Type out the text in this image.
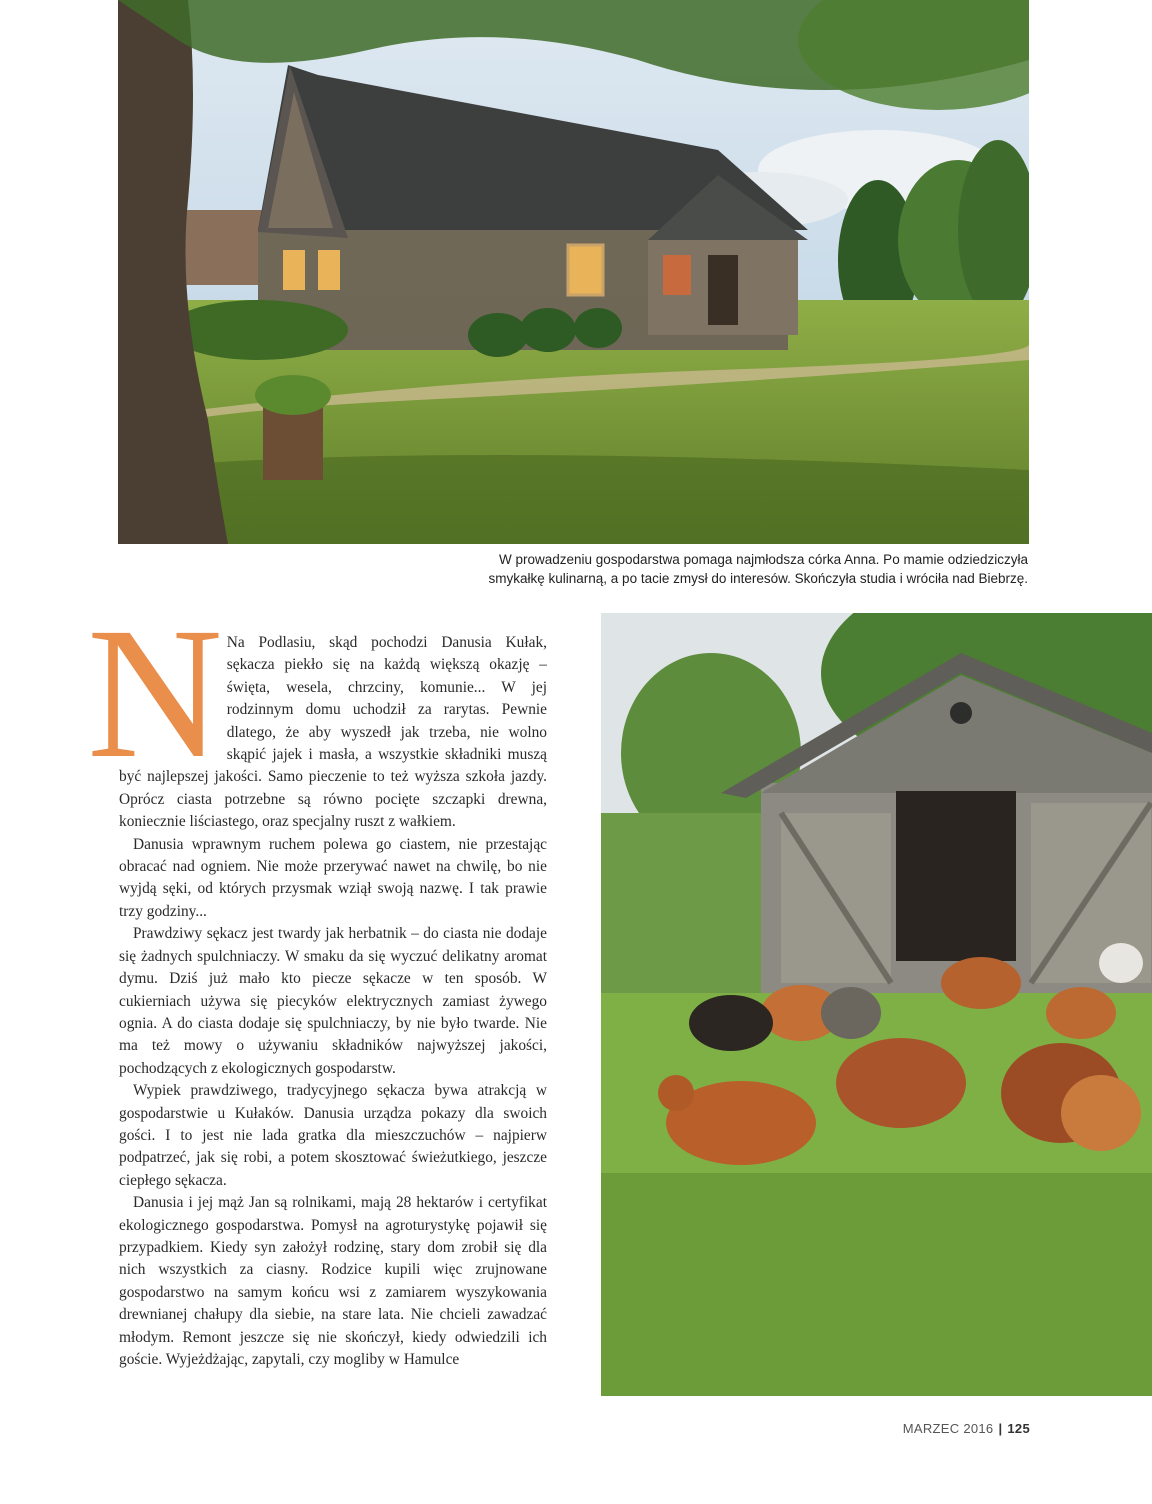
W prowadzeniu gospodarstwa pomaga najmłodsza córka Anna. Po mamie odziedziczyła
smykałkę kulinarną, a po tacie zmysł do interesów. Skończyła studia i wróciła nad Biebrzę.
N Na Podlasiu, skąd pochodzi Danusia Kułak, sękacza piekło się na każdą większą okazję – święta, wesela, chrzciny, komunie... W jej rodzinnym domu uchodził za rarytas. Pewnie dlatego, że aby wyszedł jak trzeba, nie wolno skąpić jajek i masła, a wszystkie składniki muszą być najlepszej jakości. Samo pieczenie to też wyższa szkoła jazdy. Oprócz ciasta potrzebne są równo pocięte szczapki drewna, koniecznie liściastego, oraz specjalny ruszt z wałkiem.

Danusia wprawnym ruchem polewa go ciastem, nie przestając obracać nad ogniem. Nie może przerywać nawet na chwilę, bo nie wyjdą sęki, od których przysmak wziął swoją nazwę. I tak prawie trzy godziny...

Prawdziwy sękacz jest twardy jak herbatnik – do ciasta nie dodaje się żadnych spulchniaczy. W smaku da się wyczuć delikatny aromat dymu. Dziś już mało kto piecze sękacze w ten sposób. W cukierniach używa się piecyków elektrycznych zamiast żywego ognia. A do ciasta dodaje się spulchniaczy, by nie było twarde. Nie ma też mowy o używaniu składników najwyższej jakości, pochodzących z ekologicznych gospodarstw.

Wypiek prawdziwego, tradycyjnego sękacza bywa atrakcją w gospodarstwie u Kułaków. Danusia urządza pokazy dla swoich gości. I to jest nie lada gratka dla mieszczuchów – najpierw podpatrzeć, jak się robi, a potem skosztować świeżutkiego, jeszcze ciepłego sękacza.

Danusia i jej mąż Jan są rolnikami, mają 28 hektarów i certyfikat ekologicznego gospodarstwa. Pomysł na agroturystykę pojawił się przypadkiem. Kiedy syn założył rodzinę, stary dom zrobił się dla nich wszystkich za ciasny. Rodzice kupili więc zrujnowane gospodarstwo na samym końcu wsi z zamiarem wyszykowania drewnianej chałupy dla siebie, na stare lata. Nie chcieli zawadzać młodym. Remont jeszcze się nie skończył, kiedy odwiedzili ich goście. Wyjeżdżając, zapytali, czy mogliby w Hamulce

MARZEC 2016 | 125
